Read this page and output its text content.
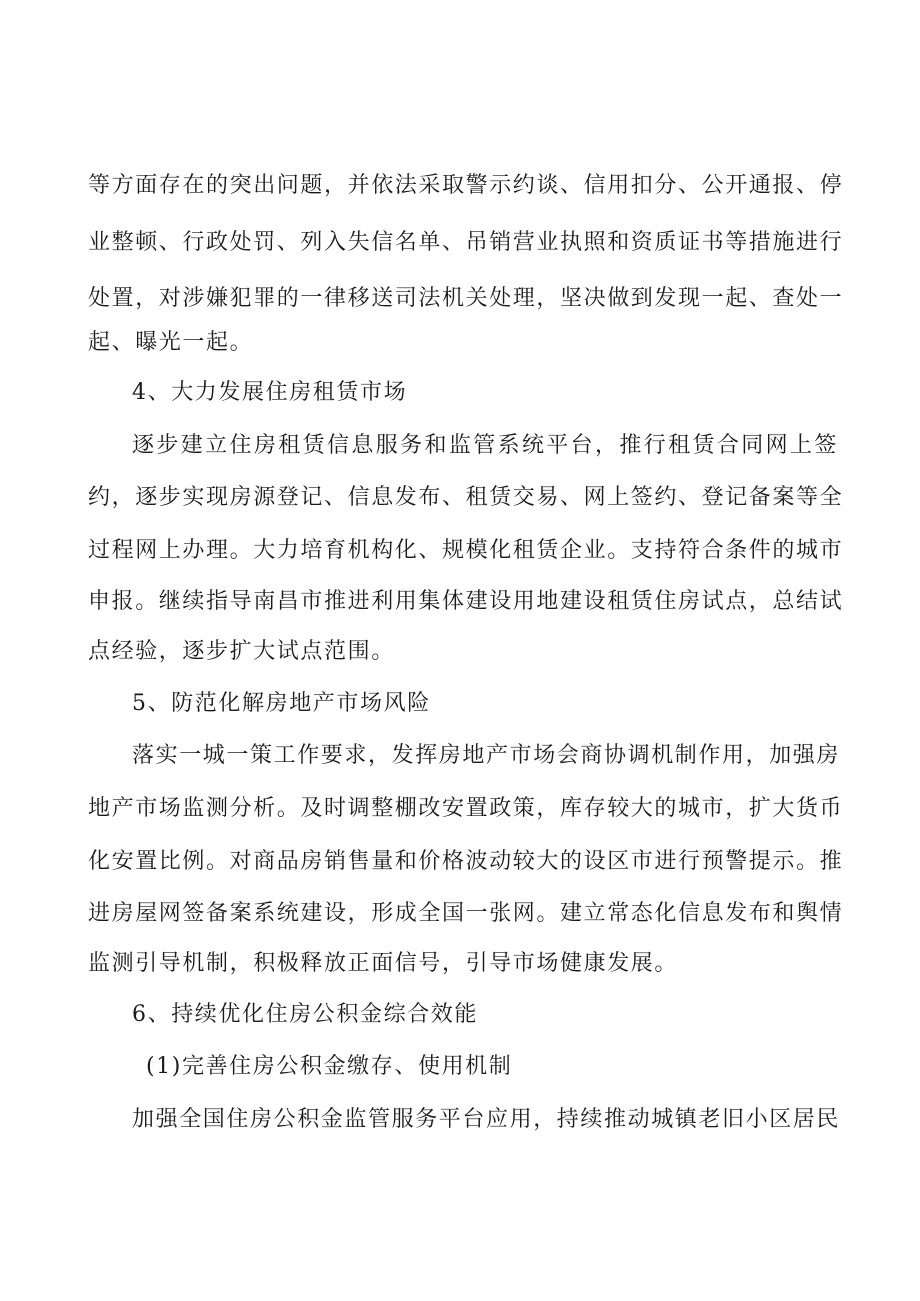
等方面存在的突出问题，并依法采取警示约谈、信用扣分、公开通报、停
业整顿、行政处罚、列入失信名单、吊销营业执照和资质证书等措施进行
处置，对涉嫌犯罪的一律移送司法机关处理，坚决做到发现一起、查处一
起、曝光一起。
4、大力发展住房租赁市场
逐步建立住房租赁信息服务和监管系统平台，推行租赁合同网上签
约，逐步实现房源登记、信息发布、租赁交易、网上签约、登记备案等全
过程网上办理。大力培育机构化、规模化租赁企业。支持符合条件的城市
申报。继续指导南昌市推进利用集体建设用地建设租赁住房试点，总结试
点经验，逐步扩大试点范围。
5、防范化解房地产市场风险
落实一城一策工作要求，发挥房地产市场会商协调机制作用，加强房
地产市场监测分析。及时调整棚改安置政策，库存较大的城市，扩大货币
化安置比例。对商品房销售量和价格波动较大的设区市进行预警提示。推
进房屋网签备案系统建设，形成全国一张网。建立常态化信息发布和舆情
监测引导机制，积极释放正面信号，引导市场健康发展。
6、持续优化住房公积金综合效能
(1)完善住房公积金缴存、使用机制
加强全国住房公积金监管服务平台应用，持续推动城镇老旧小区居民
